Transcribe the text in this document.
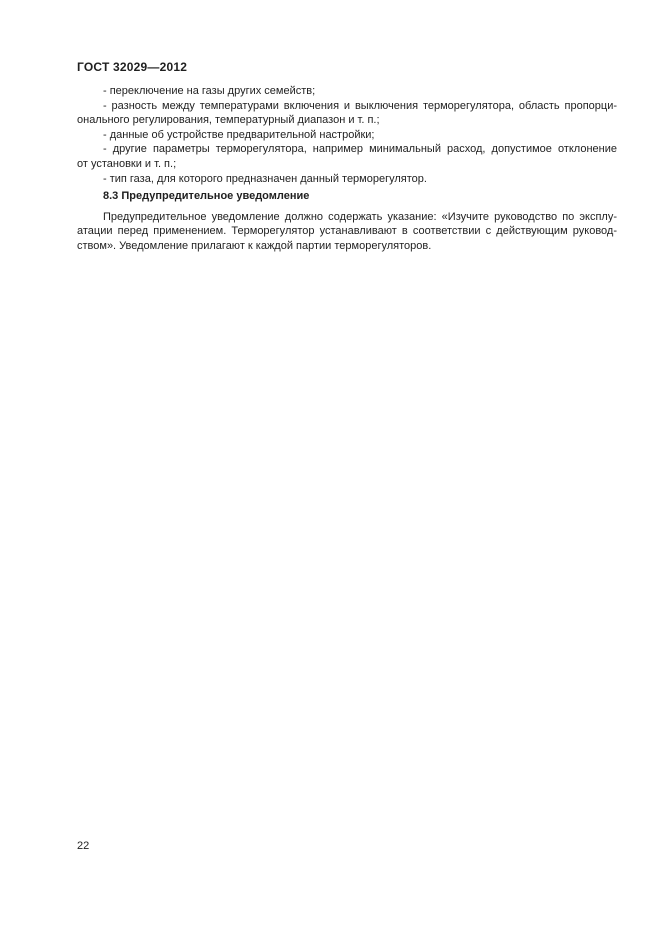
ГОСТ 32029—2012
- переключение на газы других семейств;
- разность между температурами включения и выключения терморегулятора, область пропорци-
онального регулирования, температурный диапазон и т. п.;
- данные об устройстве предварительной настройки;
- другие параметры терморегулятора, например минимальный расход, допустимое отклонение
от установки и т. п.;
- тип газа, для которого предназначен данный терморегулятор.
8.3 Предупредительное уведомление
Предупредительное уведомление должно содержать указание: «Изучите руководство по эксплу-
атации перед применением. Терморегулятор устанавливают в соответствии с действующим руковод-
ством». Уведомление прилагают к каждой партии терморегуляторов.
22
